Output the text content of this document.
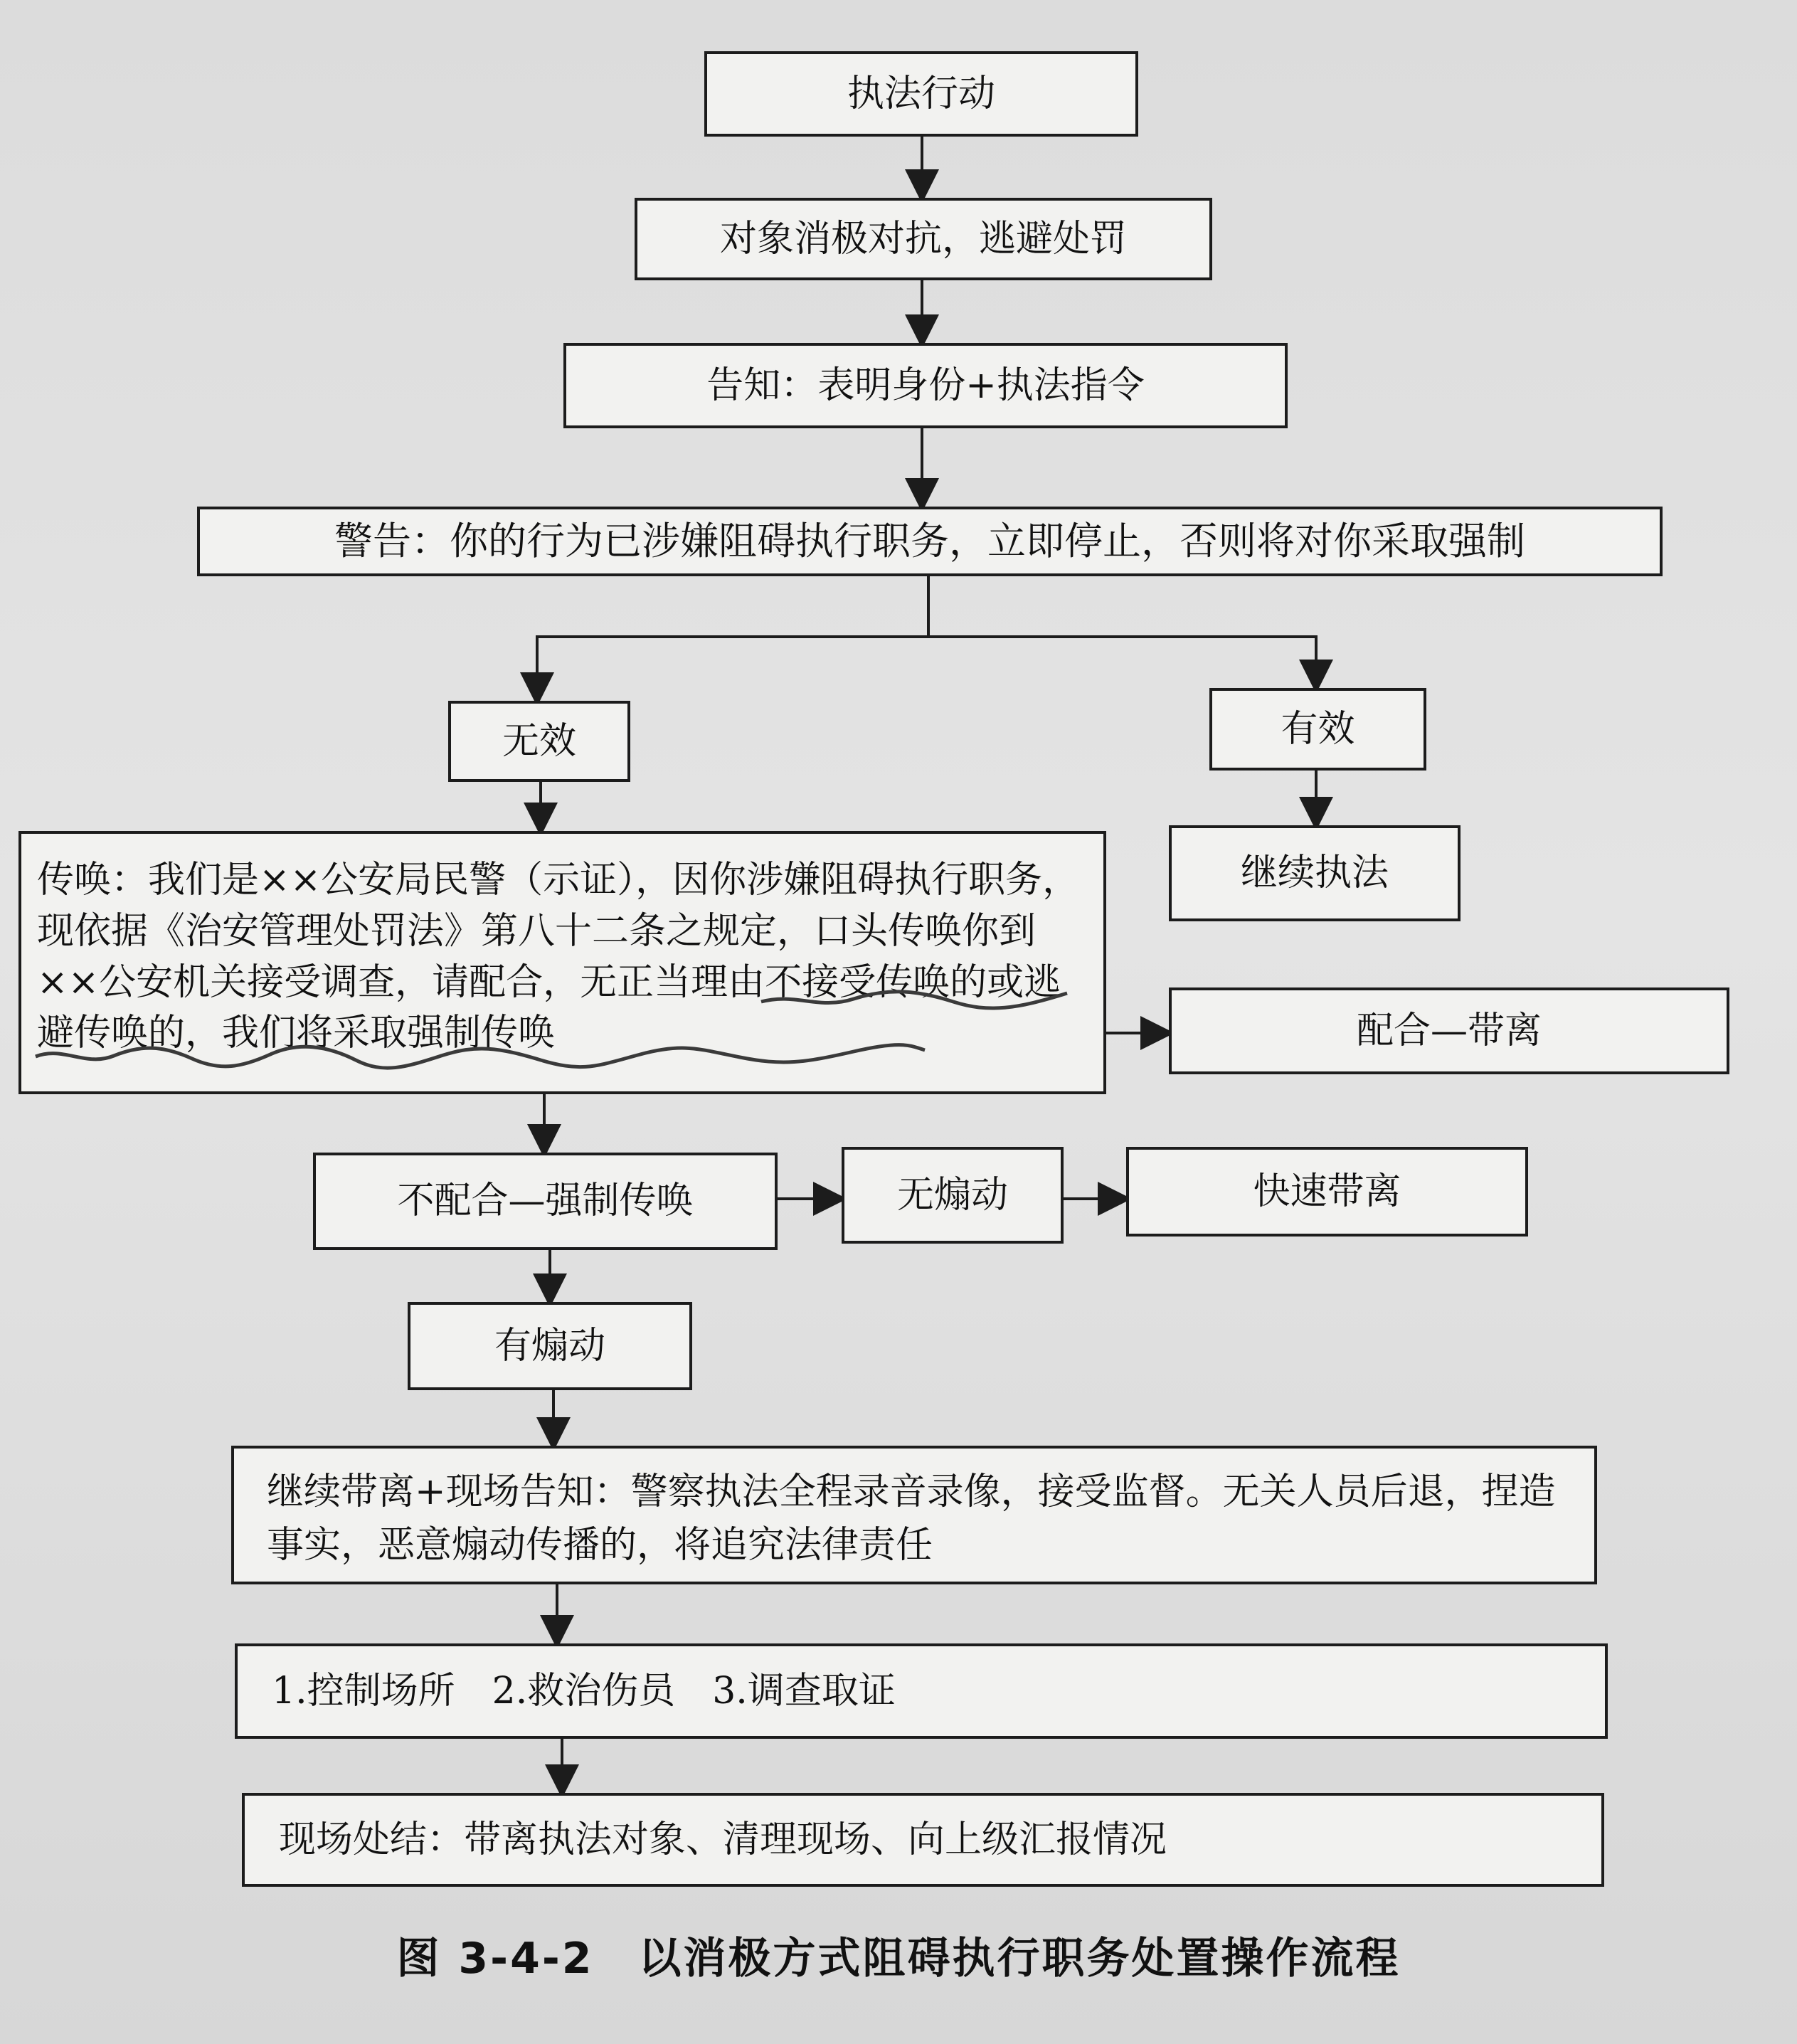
执法行动
对象消极对抗，逃避处罚
告知：表明身份+执法指令
警告：你的行为已涉嫌阻碍执行职务，立即停止，否则将对你采取强制
无效	有效
继续执法
传唤：我们是××公安局民警（示证），因你涉嫌阻碍执行职务，现依据《治安管理处罚法》第八十二条之规定，口头传唤你到××公安机关接受调查，请配合，无正当理由不接受传唤的或逃避传唤的，我们将采取强制传唤	配合—带离
不配合—强制传唤	无煽动	快速带离
有煽动
继续带离+现场告知：警察执法全程录音录像，接受监督。无关人员后退，捏造事实，恶意煽动传播的，将追究法律责任
1.控制场所　2.救治伤员　3.调查取证
现场处结：带离执法对象、清理现场、向上级汇报情况
图 3-4-2　以消极方式阻碍执行职务处置操作流程
